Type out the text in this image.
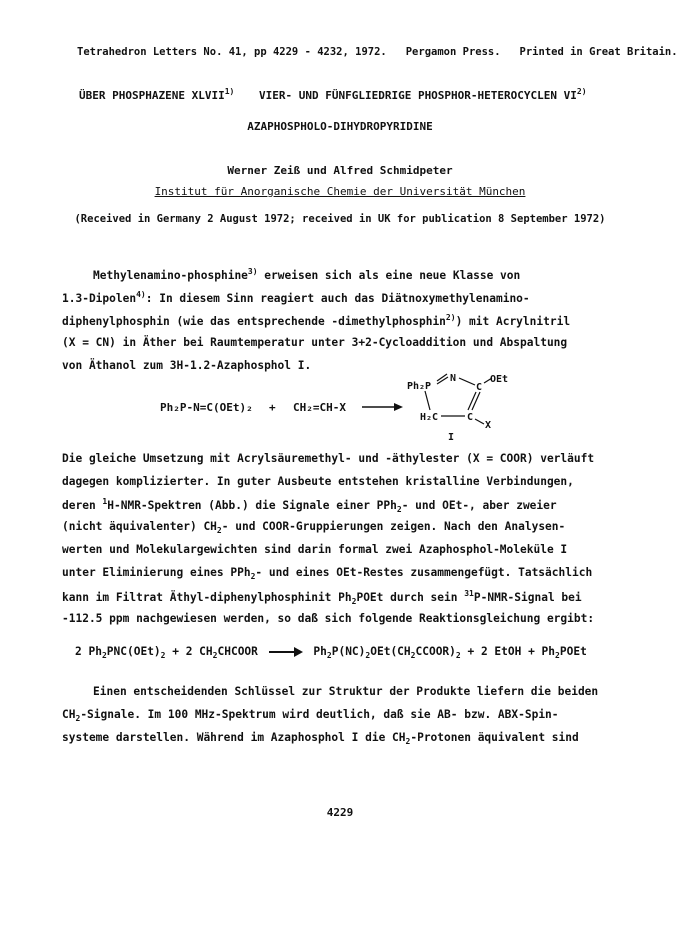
Tetrahedron Letters No. 41, pp 4229 - 4232, 1972. Pergamon Press. Printed in Great Britain.
ÜBER PHOSPHAZENE XLVII$^{1)}$ VIER- UND FÜNFGLIEDRIGE PHOSPHOR-HETEROCYCLEN VI$^{2)}$
AZAPHOSPHOLO-DIHYDROPYRIDINE
Werner Zeiß und Alfred Schmidpeter
Institut für Anorganische Chemie der Universität München
(Received in Germany 2 August 1972; received in UK for publication 8 September 1972)
Methylenamino-phosphine$^{3)}$ erweisen sich als eine neue Klasse von
1.3-Dipolen$^{4)}$: In diesem Sinn reagiert auch das Diätnoxymethylenamino-
diphenylphosphin (wie das entsprechende -dimethylphosphin$^{2)}$) mit Acrylnitril
(X = CN) in Äther bei Raumtemperatur unter 3+2-Cycloaddition und Abspaltung
von Äthanol zum 3H-1.2-Azaphosphol I.
Ph₂P-N=C(OEt)₂ + CH₂=CH-X
Ph₂P
N
C
OEt
H₂C	C
X
I
Die gleiche Umsetzung mit Acrylsäuremethyl- und -äthylester (X = COOR) verläuft
dagegen komplizierter. In guter Ausbeute entstehen kristalline Verbindungen,
deren $^1$H-NMR-Spektren (Abb.) die Signale einer PPh$_2$- und OEt-, aber zweier
(nicht äquivalenter) $CH_2-$ und COOR-Gruppierungen zeigen. Nach den Analysen-
werten und Molekulargewichten sind darin formal zwei Azaphosphol-Moleküle I
unter Eliminierung eines PPh$_2$- und eines OEt-Restes zusammengefügt. Tatsächlich
kann im Filtrat Äthyl-diphenylphosphinit $Ph_2POEt$ durch sein $^{31}$P-NMR-Signal bei
-112.5 ppm nachgewiesen werden, so daß sich folgende Reaktionsgleichung ergibt:
2 $Ph_2PNC(OEt)_2 + 2$ $CH_2CHCOOR$	$Ph_2P(NC)_2OEt(CH_2CCOOR)_2 + 2$ EtOH + $Ph_2POEt$
Einen entscheidenden Schlüssel zur Struktur der Produkte liefern die beiden
$CH_2$-Signale. Im 100 MHz-Spektrum wird deutlich, daß sie AB- bzw. ABX-Spin-
systeme darstellen. Während im Azaphosphol I die $CH_2$-Protonen äquivalent sind
4229
